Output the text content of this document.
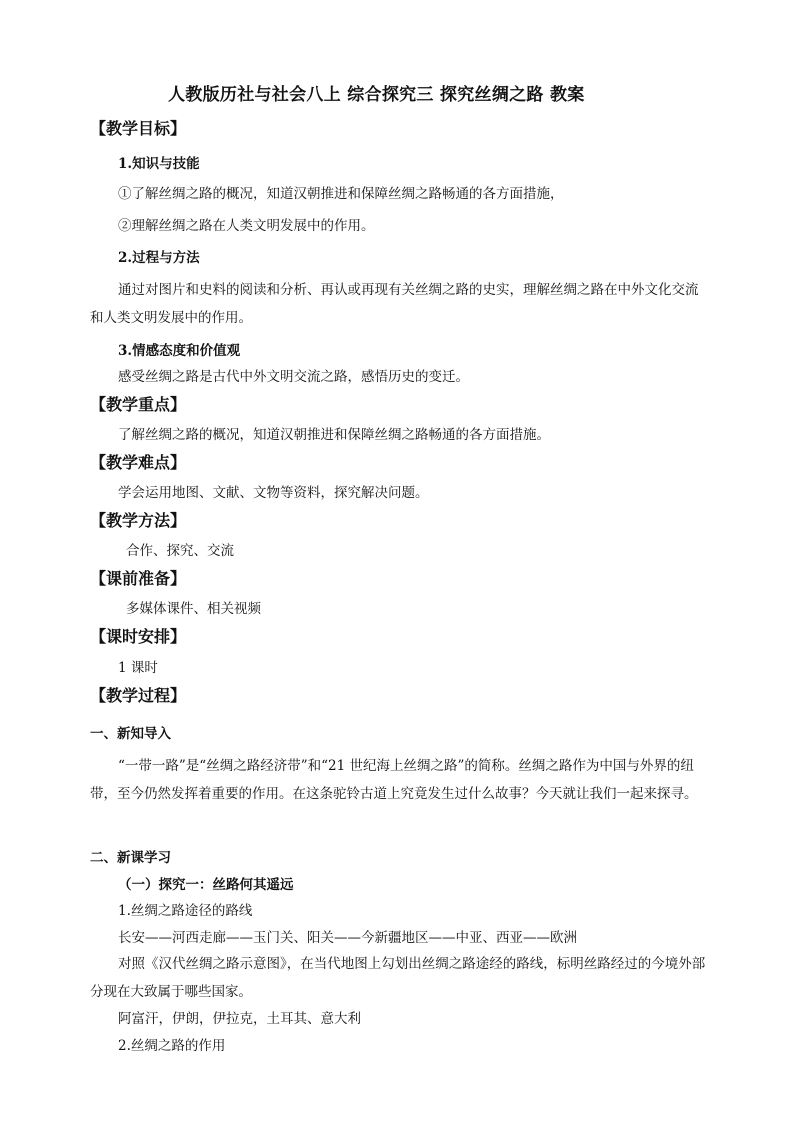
人教版历社与社会八上 综合探究三 探究丝绸之路 教案
【教学目标】
1.知识与技能
①了解丝绸之路的概况，知道汉朝推进和保障丝绸之路畅通的各方面措施，
②理解丝绸之路在人类文明发展中的作用。
2.过程与方法
通过对图片和史料的阅读和分析、再认或再现有关丝绸之路的史实，理解丝绸之路在中外文化交流和人类文明发展中的作用。
3.情感态度和价值观
感受丝绸之路是古代中外文明交流之路，感悟历史的变迁。
【教学重点】
了解丝绸之路的概况，知道汉朝推进和保障丝绸之路畅通的各方面措施。
【教学难点】
学会运用地图、文献、文物等资料，探究解决问题。
【教学方法】
合作、探究、交流
【课前准备】
多媒体课件、相关视频
【课时安排】
1 课时
【教学过程】
一、新知导入
“一带一路”是“丝绸之路经济带”和“21 世纪海上丝绸之路”的简称。丝绸之路作为中国与外界的纽带，至今仍然发挥着重要的作用。在这条驼铃古道上究竟发生过什么故事？今天就让我们一起来探寻。
二、新课学习
（一）探究一：丝路何其遥远
1.丝绸之路途径的路线
长安——河西走廊——玉门关、阳关——今新疆地区——中亚、西亚——欧洲
对照《汉代丝绸之路示意图》，在当代地图上勾划出丝绸之路途经的路线，标明丝路经过的今境外部分现在大致属于哪些国家。
阿富汗，伊朗，伊拉克，土耳其、意大利
2.丝绸之路的作用
